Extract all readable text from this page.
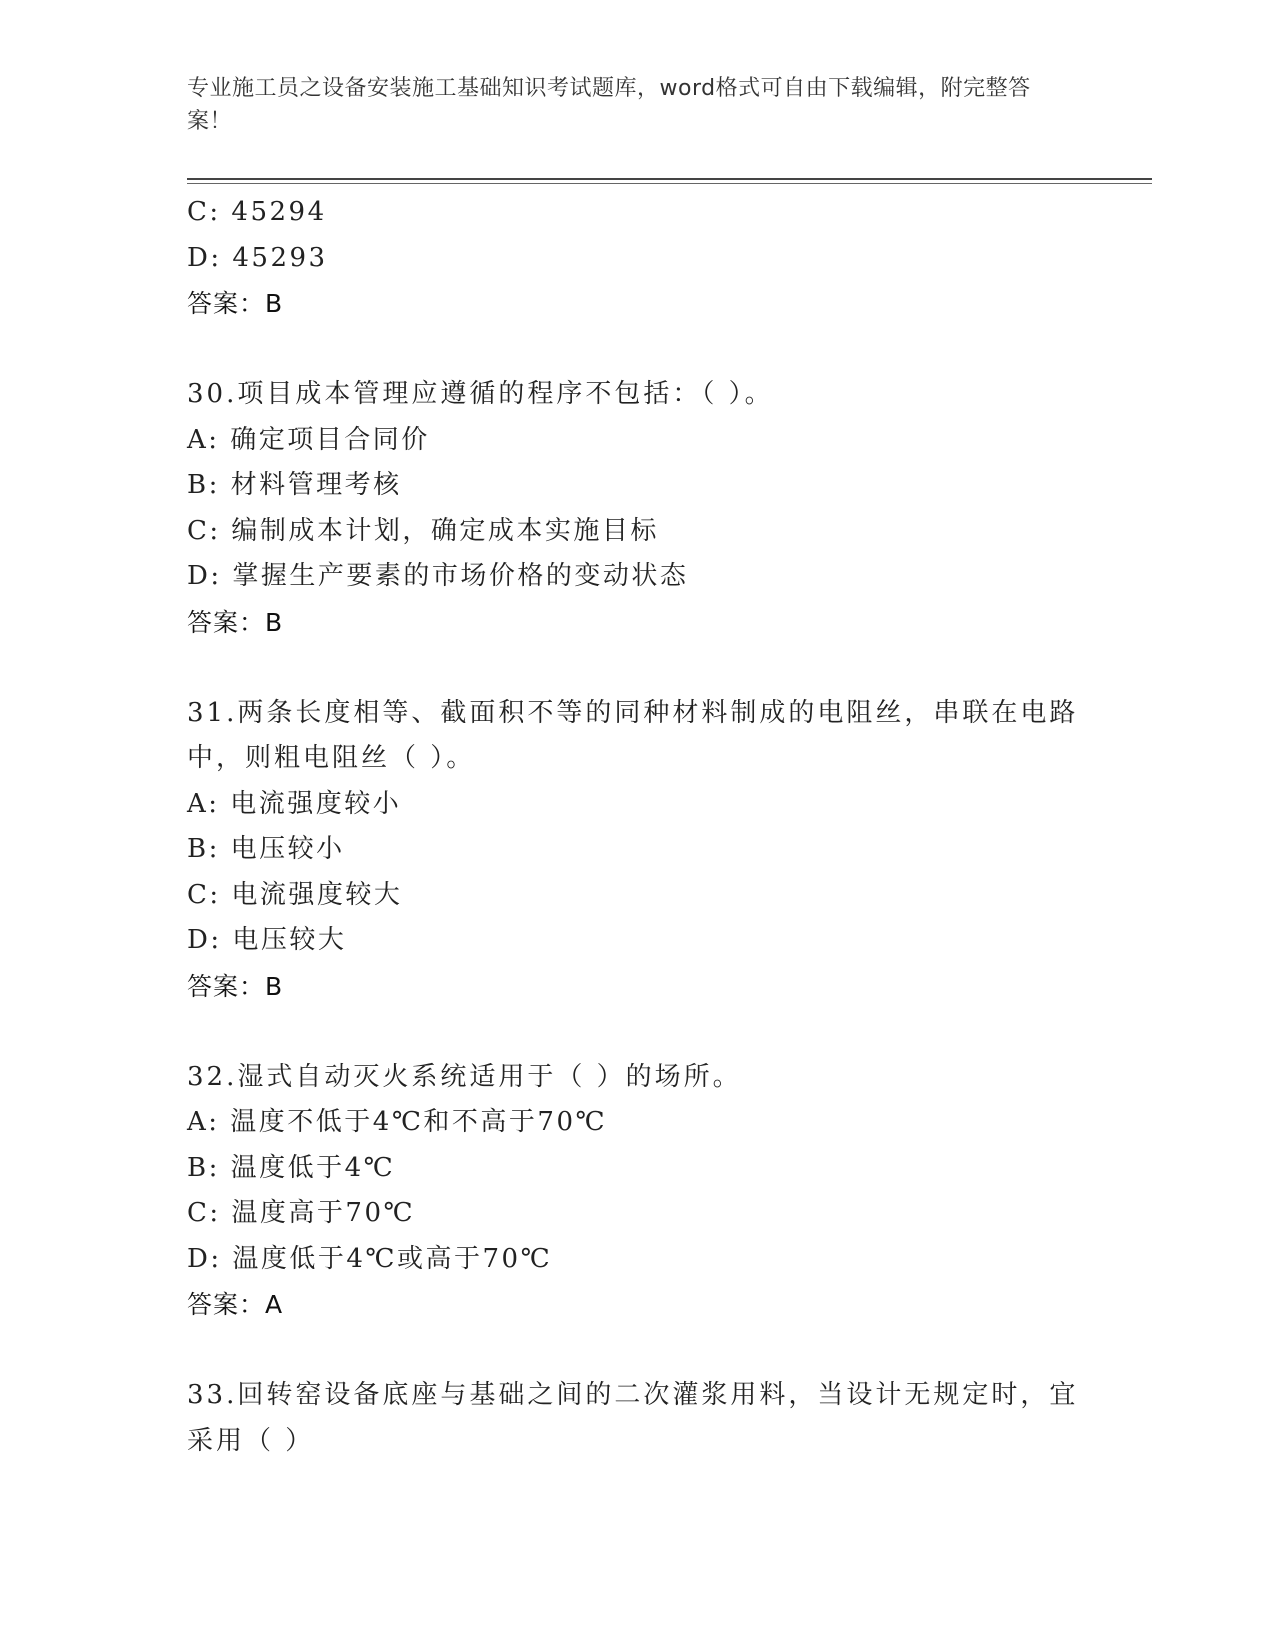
专业施工员之设备安装施工基础知识考试题库，word格式可自由下载编辑，附完整答案！
C: 45294
D: 45293
答案：B
30.项目成本管理应遵循的程序不包括：（ ）。
A: 确定项目合同价
B: 材料管理考核
C: 编制成本计划，确定成本实施目标
D: 掌握生产要素的市场价格的变动状态
答案：B
31.两条长度相等、截面积不等的同种材料制成的电阻丝，串联在电路中，则粗电阻丝（ ）。
A: 电流强度较小
B: 电压较小
C: 电流强度较大
D: 电压较大
答案：B
32.湿式自动灭火系统适用于（ ）的场所。
A: 温度不低于4℃和不高于70℃
B: 温度低于4℃
C: 温度高于70℃
D: 温度低于4℃或高于70℃
答案：A
33.回转窑设备底座与基础之间的二次灌浆用料，当设计无规定时，宜采用（ ）
